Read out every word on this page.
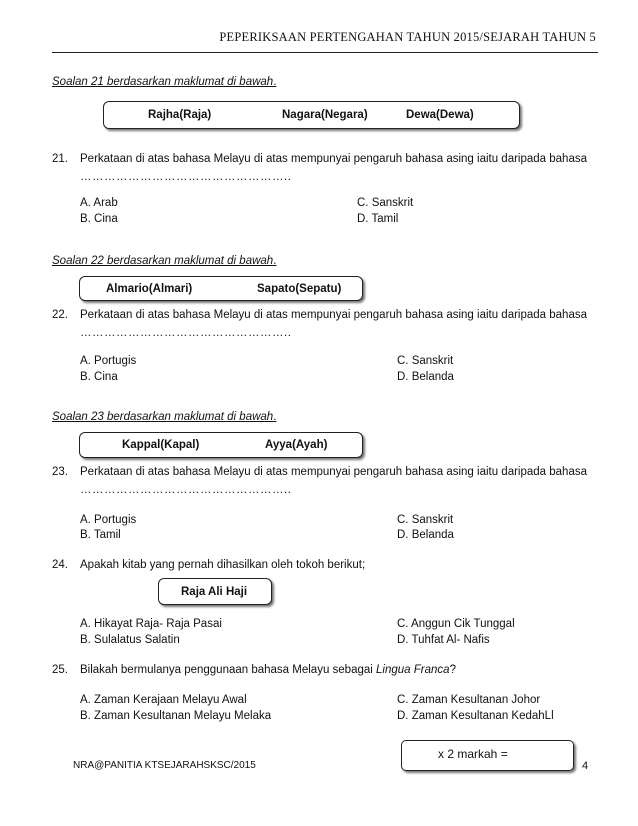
PEPERIKSAAN PERTENGAHAN TAHUN 2015/SEJARAH TAHUN 5
Soalan 21 berdasarkan maklumat di bawah.
Rajha(Raja)	Nagara(Negara)	Dewa(Dewa)
21. Perkataan di atas bahasa Melayu di atas mempunyai pengaruh bahasa asing iaitu daripada bahasa
……………………………………………..
A. Arab	C. Sanskrit
B. Cina	D. Tamil
Soalan 22 berdasarkan maklumat di bawah.
Almario(Almari)	Sapato(Sepatu)
22. Perkataan di atas bahasa Melayu di atas mempunyai pengaruh bahasa asing iaitu daripada bahasa
……………………………………………..
A. Portugis	C. Sanskrit
B. Cina	D. Belanda
Soalan 23 berdasarkan maklumat di bawah.
Kappal(Kapal)	Ayya(Ayah)
23. Perkataan di atas bahasa Melayu di atas mempunyai pengaruh bahasa asing iaitu daripada bahasa
……………………………………………..
A. Portugis	C. Sanskrit
B. Tamil	D. Belanda
24. Apakah kitab yang pernah dihasilkan oleh tokoh berikut;
Raja Ali Haji
A. Hikayat Raja- Raja Pasai	C. Anggun Cik Tunggal
B. Sulalatus Salatin	D. Tuhfat Al- Nafis
25. Bilakah bermulanya penggunaan bahasa Melayu sebagai Lingua Franca?
A. Zaman Kerajaan Melayu Awal	C. Zaman Kesultanan Johor
B. Zaman Kesultanan Melayu Melaka	D. Zaman Kesultanan KedahLl
x 2 markah =
NRA@PANITIA KTSEJARAHSKSC/2015	4
